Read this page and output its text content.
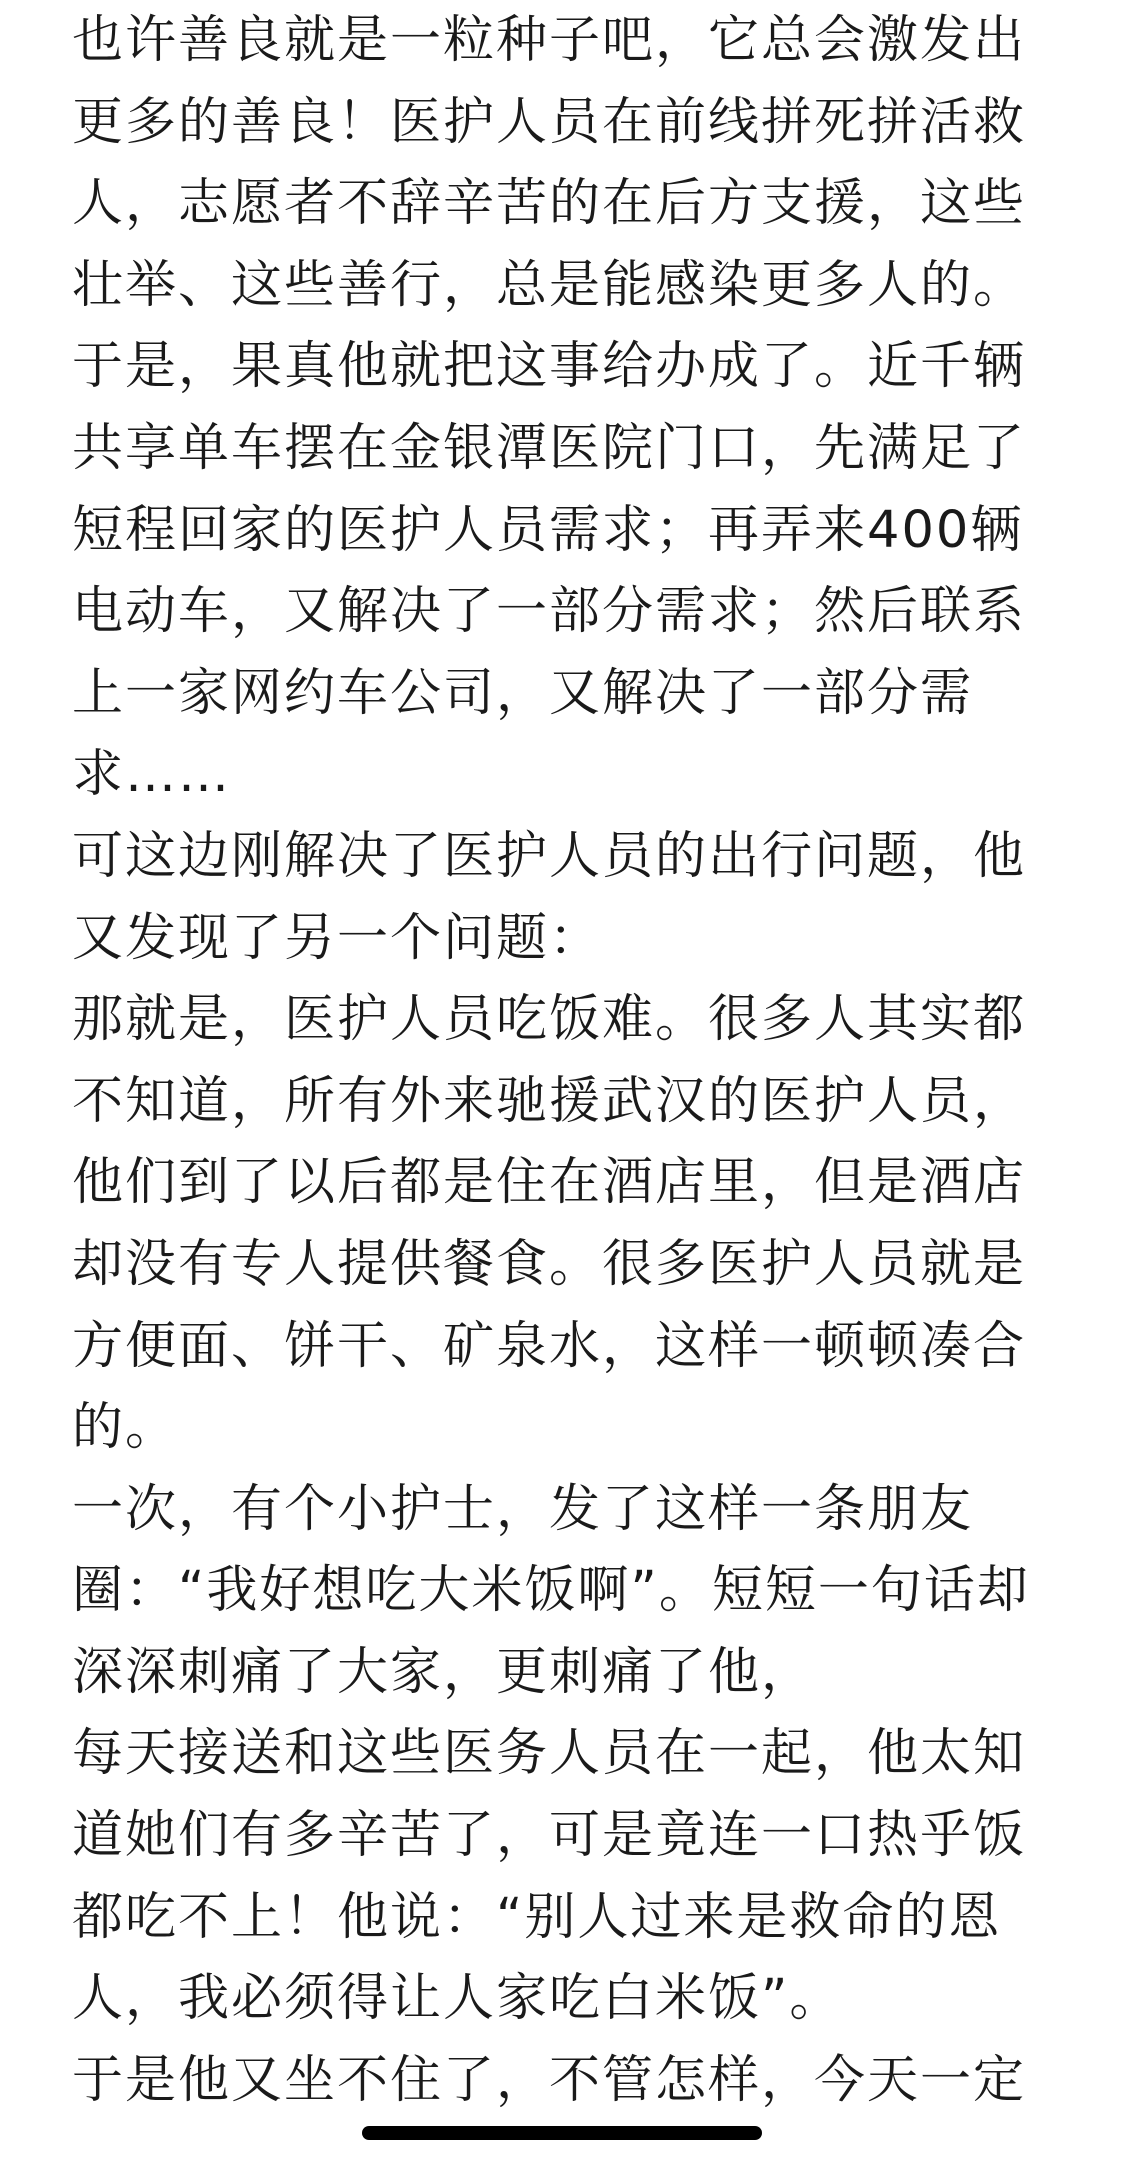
也许善良就是一粒种子吧，它总会激发出
更多的善良！医护人员在前线拼死拼活救
人，志愿者不辞辛苦的在后方支援，这些
壮举、这些善行，总是能感染更多人的。
于是，果真他就把这事给办成了。近千辆
共享单车摆在金银潭医院门口，先满足了
短程回家的医护人员需求；再弄来400辆
电动车，又解决了一部分需求；然后联系
上一家网约车公司，又解决了一部分需
求……
可这边刚解决了医护人员的出行问题，他
又发现了另一个问题：
那就是，医护人员吃饭难。很多人其实都
不知道，所有外来驰援武汉的医护人员，
他们到了以后都是住在酒店里，但是酒店
却没有专人提供餐食。很多医护人员就是
方便面、饼干、矿泉水，这样一顿顿凑合
的。
一次，有个小护士，发了这样一条朋友
圈：“我好想吃大米饭啊”。短短一句话却
深深刺痛了大家，更刺痛了他，
每天接送和这些医务人员在一起，他太知
道她们有多辛苦了，可是竟连一口热乎饭
都吃不上！他说：“别人过来是救命的恩
人，我必须得让人家吃白米饭”。
于是他又坐不住了，不管怎样，今天一定
